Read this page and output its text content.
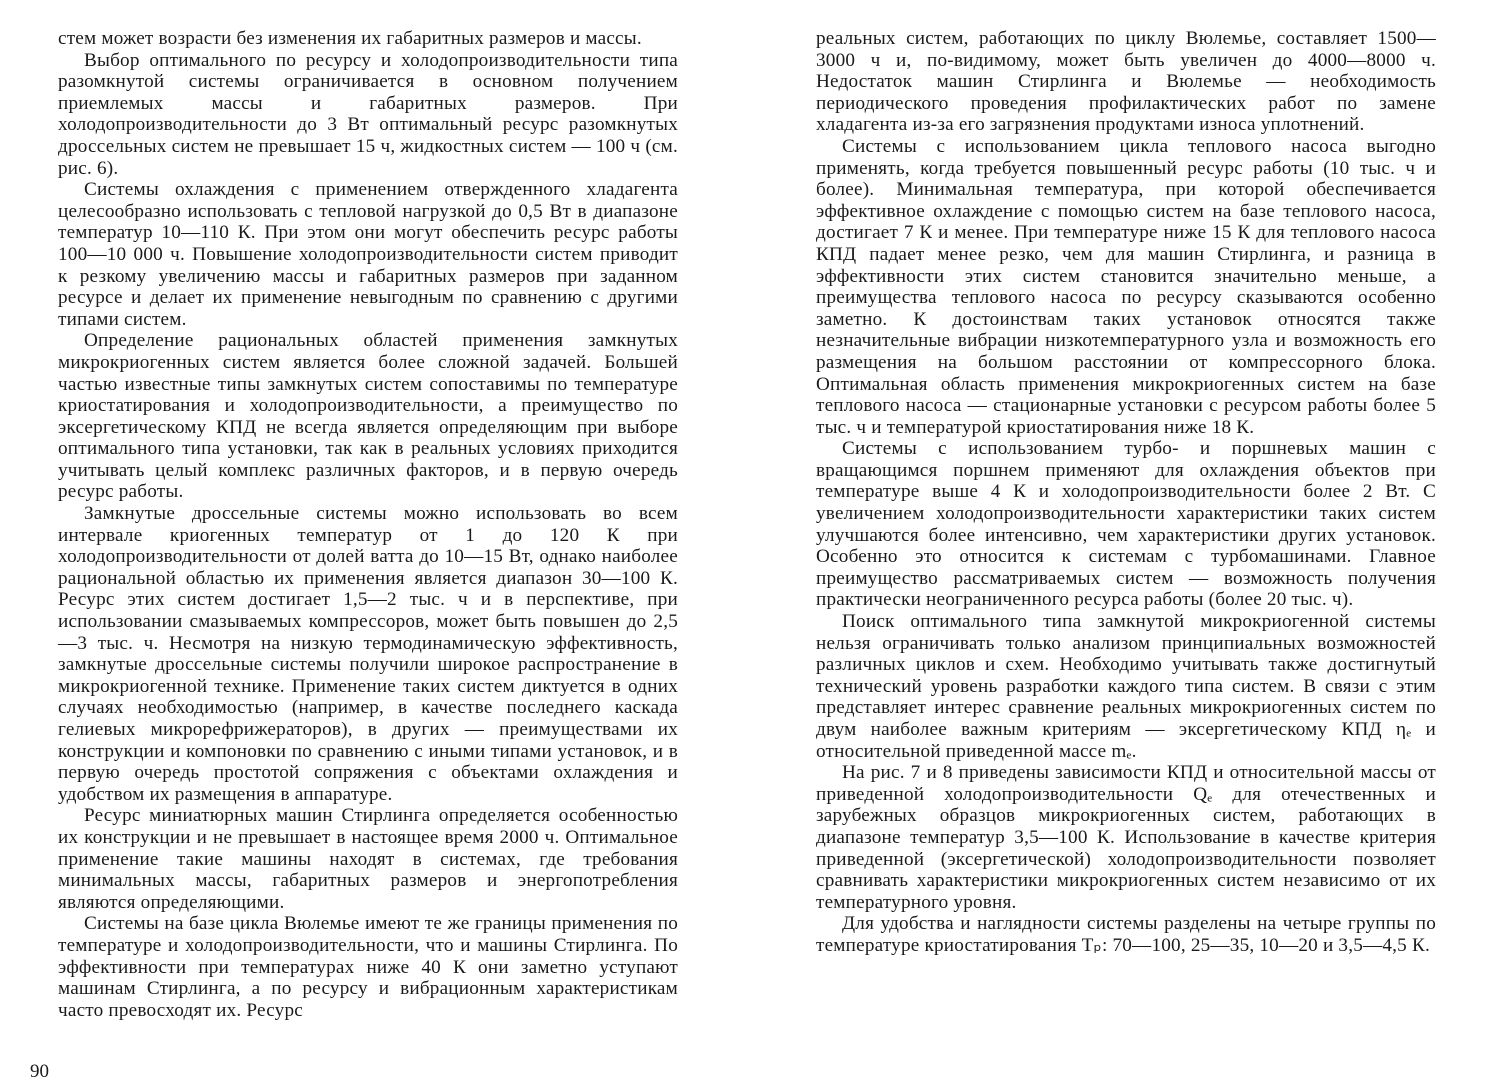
стем может возрасти без изменения их габаритных размеров и массы.

Выбор оптимального по ресурсу и холодопроизводительности типа разомкнутой системы ограничивается в основном получением приемлемых массы и габаритных размеров. При холодопроизводительности до 3 Вт оптимальный ресурс разомкнутых дроссельных систем не превышает 15 ч, жидкостных систем — 100 ч (см. рис. 6).

Системы охлаждения с применением отвержденного хладагента целесообразно использовать с тепловой нагрузкой до 0,5 Вт в диапазоне температур 10—110 К. При этом они могут обеспечить ресурс работы 100—10 000 ч. Повышение холодопроизводительности систем приводит к резкому увеличению массы и габаритных размеров при заданном ресурсе и делает их применение невыгодным по сравнению с другими типами систем.

Определение рациональных областей применения замкнутых микрокриогенных систем является более сложной задачей. Большей частью известные типы замкнутых систем сопоставимы по температуре криостатирования и холодопроизводительности, а преимущество по эксергетическому КПД не всегда является определяющим при выборе оптимального типа установки, так как в реальных условиях приходится учитывать целый комплекс различных факторов, и в первую очередь ресурс работы.

Замкнутые дроссельные системы можно использовать во всем интервале криогенных температур от 1 до 120 К при холодопроизводительности от долей ватта до 10—15 Вт, однако наиболее рациональной областью их применения является диапазон 30—100 К. Ресурс этих систем достигает 1,5—2 тыс. ч и в перспективе, при использовании смазываемых компрессоров, может быть повышен до 2,5—3 тыс. ч. Несмотря на низкую термодинамическую эффективность, замкнутые дроссельные системы получили широкое распространение в микрокриогенной технике. Применение таких систем диктуется в одних случаях необходимостью (например, в качестве последнего каскада гелиевых микрорефрижераторов), в других — преимуществами их конструкции и компоновки по сравнению с иными типами установок, и в первую очередь простотой сопряжения с объектами охлаждения и удобством их размещения в аппаратуре.

Ресурс миниатюрных машин Стирлинга определяется особенностью их конструкции и не превышает в настоящее время 2000 ч. Оптимальное применение такие машины находят в системах, где требования минимальных массы, габаритных размеров и энергопотребления являются определяющими.

Системы на базе цикла Вюлемье имеют те же границы применения по температуре и холодопроизводительности, что и машины Стирлинга. По эффективности при температурах ниже 40 К они заметно уступают машинам Стирлинга, а по ресурсу и вибрационным характеристикам часто превосходят их. Ресурс

90

реальных систем, работающих по циклу Вюлемье, составляет 1500—3000 ч и, по-видимому, может быть увеличен до 4000—8000 ч. Недостаток машин Стирлинга и Вюлемье — необходимость периодического проведения профилактических работ по замене хладагента из-за его загрязнения продуктами износа уплотнений.

Системы с использованием цикла теплового насоса выгодно применять, когда требуется повышенный ресурс работы (10 тыс. ч и более). Минимальная температура, при которой обеспечивается эффективное охлаждение с помощью систем на базе теплового насоса, достигает 7 К и менее. При температуре ниже 15 К для теплового насоса КПД падает менее резко, чем для машин Стирлинга, и разница в эффективности этих систем становится значительно меньше, а преимущества теплового насоса по ресурсу сказываются особенно заметно. К достоинствам таких установок относятся также незначительные вибрации низкотемпературного узла и возможность его размещения на большом расстоянии от компрессорного блока. Оптимальная область применения микрокриогенных систем на базе теплового насоса — стационарные установки с ресурсом работы более 5 тыс. ч и температурой криостатирования ниже 18 К.

Системы с использованием турбо- и поршневых машин с вращающимся поршнем применяют для охлаждения объектов при температуре выше 4 К и холодопроизводительности более 2 Вт. С увеличением холодопроизводительности характеристики таких систем улучшаются более интенсивно, чем характеристики других установок. Особенно это относится к системам с турбомашинами. Главное преимущество рассматриваемых систем — возможность получения практически неограниченного ресурса работы (более 20 тыс. ч).

Поиск оптимального типа замкнутой микрокриогенной системы нельзя ограничивать только анализом принципиальных возможностей различных циклов и схем. Необходимо учитывать также достигнутый технический уровень разработки каждого типа систем. В связи с этим представляет интерес сравнение реальных микрокриогенных систем по двум наиболее важным критериям — эксергетическому КПД ηₑ и относительной приведенной массе mₑ.

На рис. 7 и 8 приведены зависимости КПД и относительной массы от приведенной холодопроизводительности Qₑ для отечественных и зарубежных образцов микрокриогенных систем, работающих в диапазоне температур 3,5—100 К. Использование в качестве критерия приведенной (эксергетической) холодопроизводительности позволяет сравнивать характеристики микрокриогенных систем независимо от их температурного уровня.

Для удобства и наглядности системы разделены на четыре группы по температуре криостатирования Tₚ: 70—100, 25—35, 10—20 и 3,5—4,5 К.
